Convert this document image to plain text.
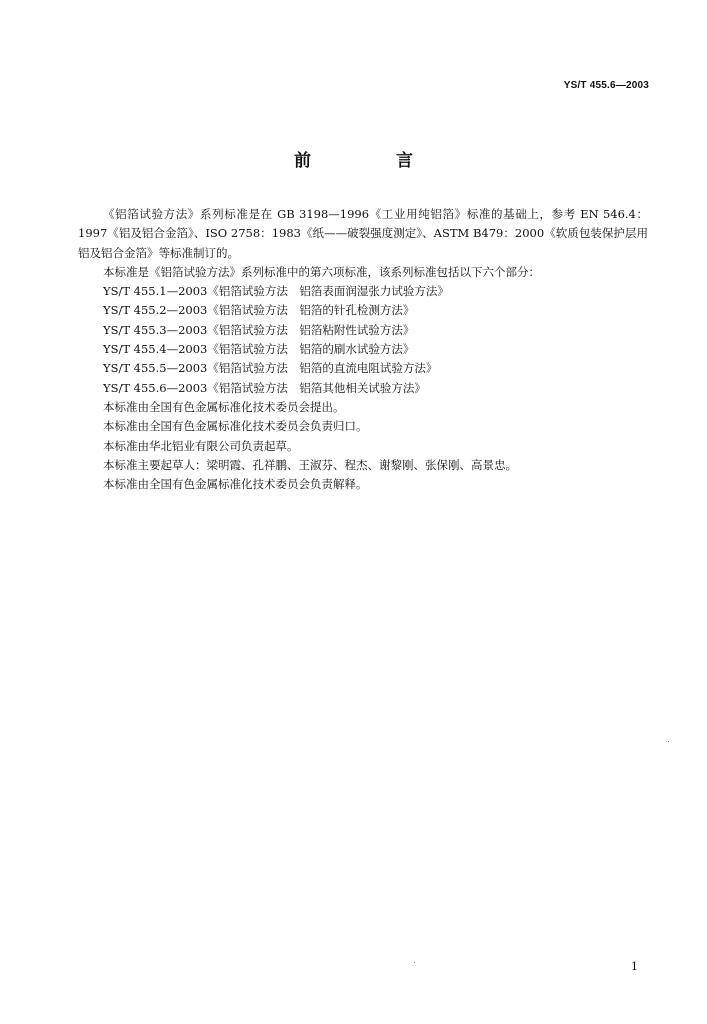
YS/T 455.6—2003
前　言

《铝箔试验方法》系列标准是在 GB 3198—1996《工业用纯铝箔》标准的基础上，参考 EN 546.4：1997《铝及铝合金箔》、ISO 2758：1983《纸——破裂强度测定》、ASTM B479：2000《软质包装保护层用铝及铝合金箔》等标准制订的。

本标准是《铝箔试验方法》系列标准中的第六项标准，该系列标准包括以下六个部分：

YS/T 455.1—2003《铝箔试验方法　铝箔表面润湿张力试验方法》

YS/T 455.2—2003《铝箔试验方法　铝箔的针孔检测方法》

YS/T 455.3—2003《铝箔试验方法　铝箔粘附性试验方法》

YS/T 455.4—2003《铝箔试验方法　铝箔的刷水试验方法》

YS/T 455.5—2003《铝箔试验方法　铝箔的直流电阻试验方法》

YS/T 455.6—2003《铝箔试验方法　铝箔其他相关试验方法》

本标准由全国有色金属标准化技术委员会提出。

本标准由全国有色金属标准化技术委员会负责归口。

本标准由华北铝业有限公司负责起草。

本标准主要起草人：梁明霞、孔祥鹏、王淑芬、程杰、谢黎刚、张保刚、高景忠。

本标准由全国有色金属标准化技术委员会负责解释。

1
